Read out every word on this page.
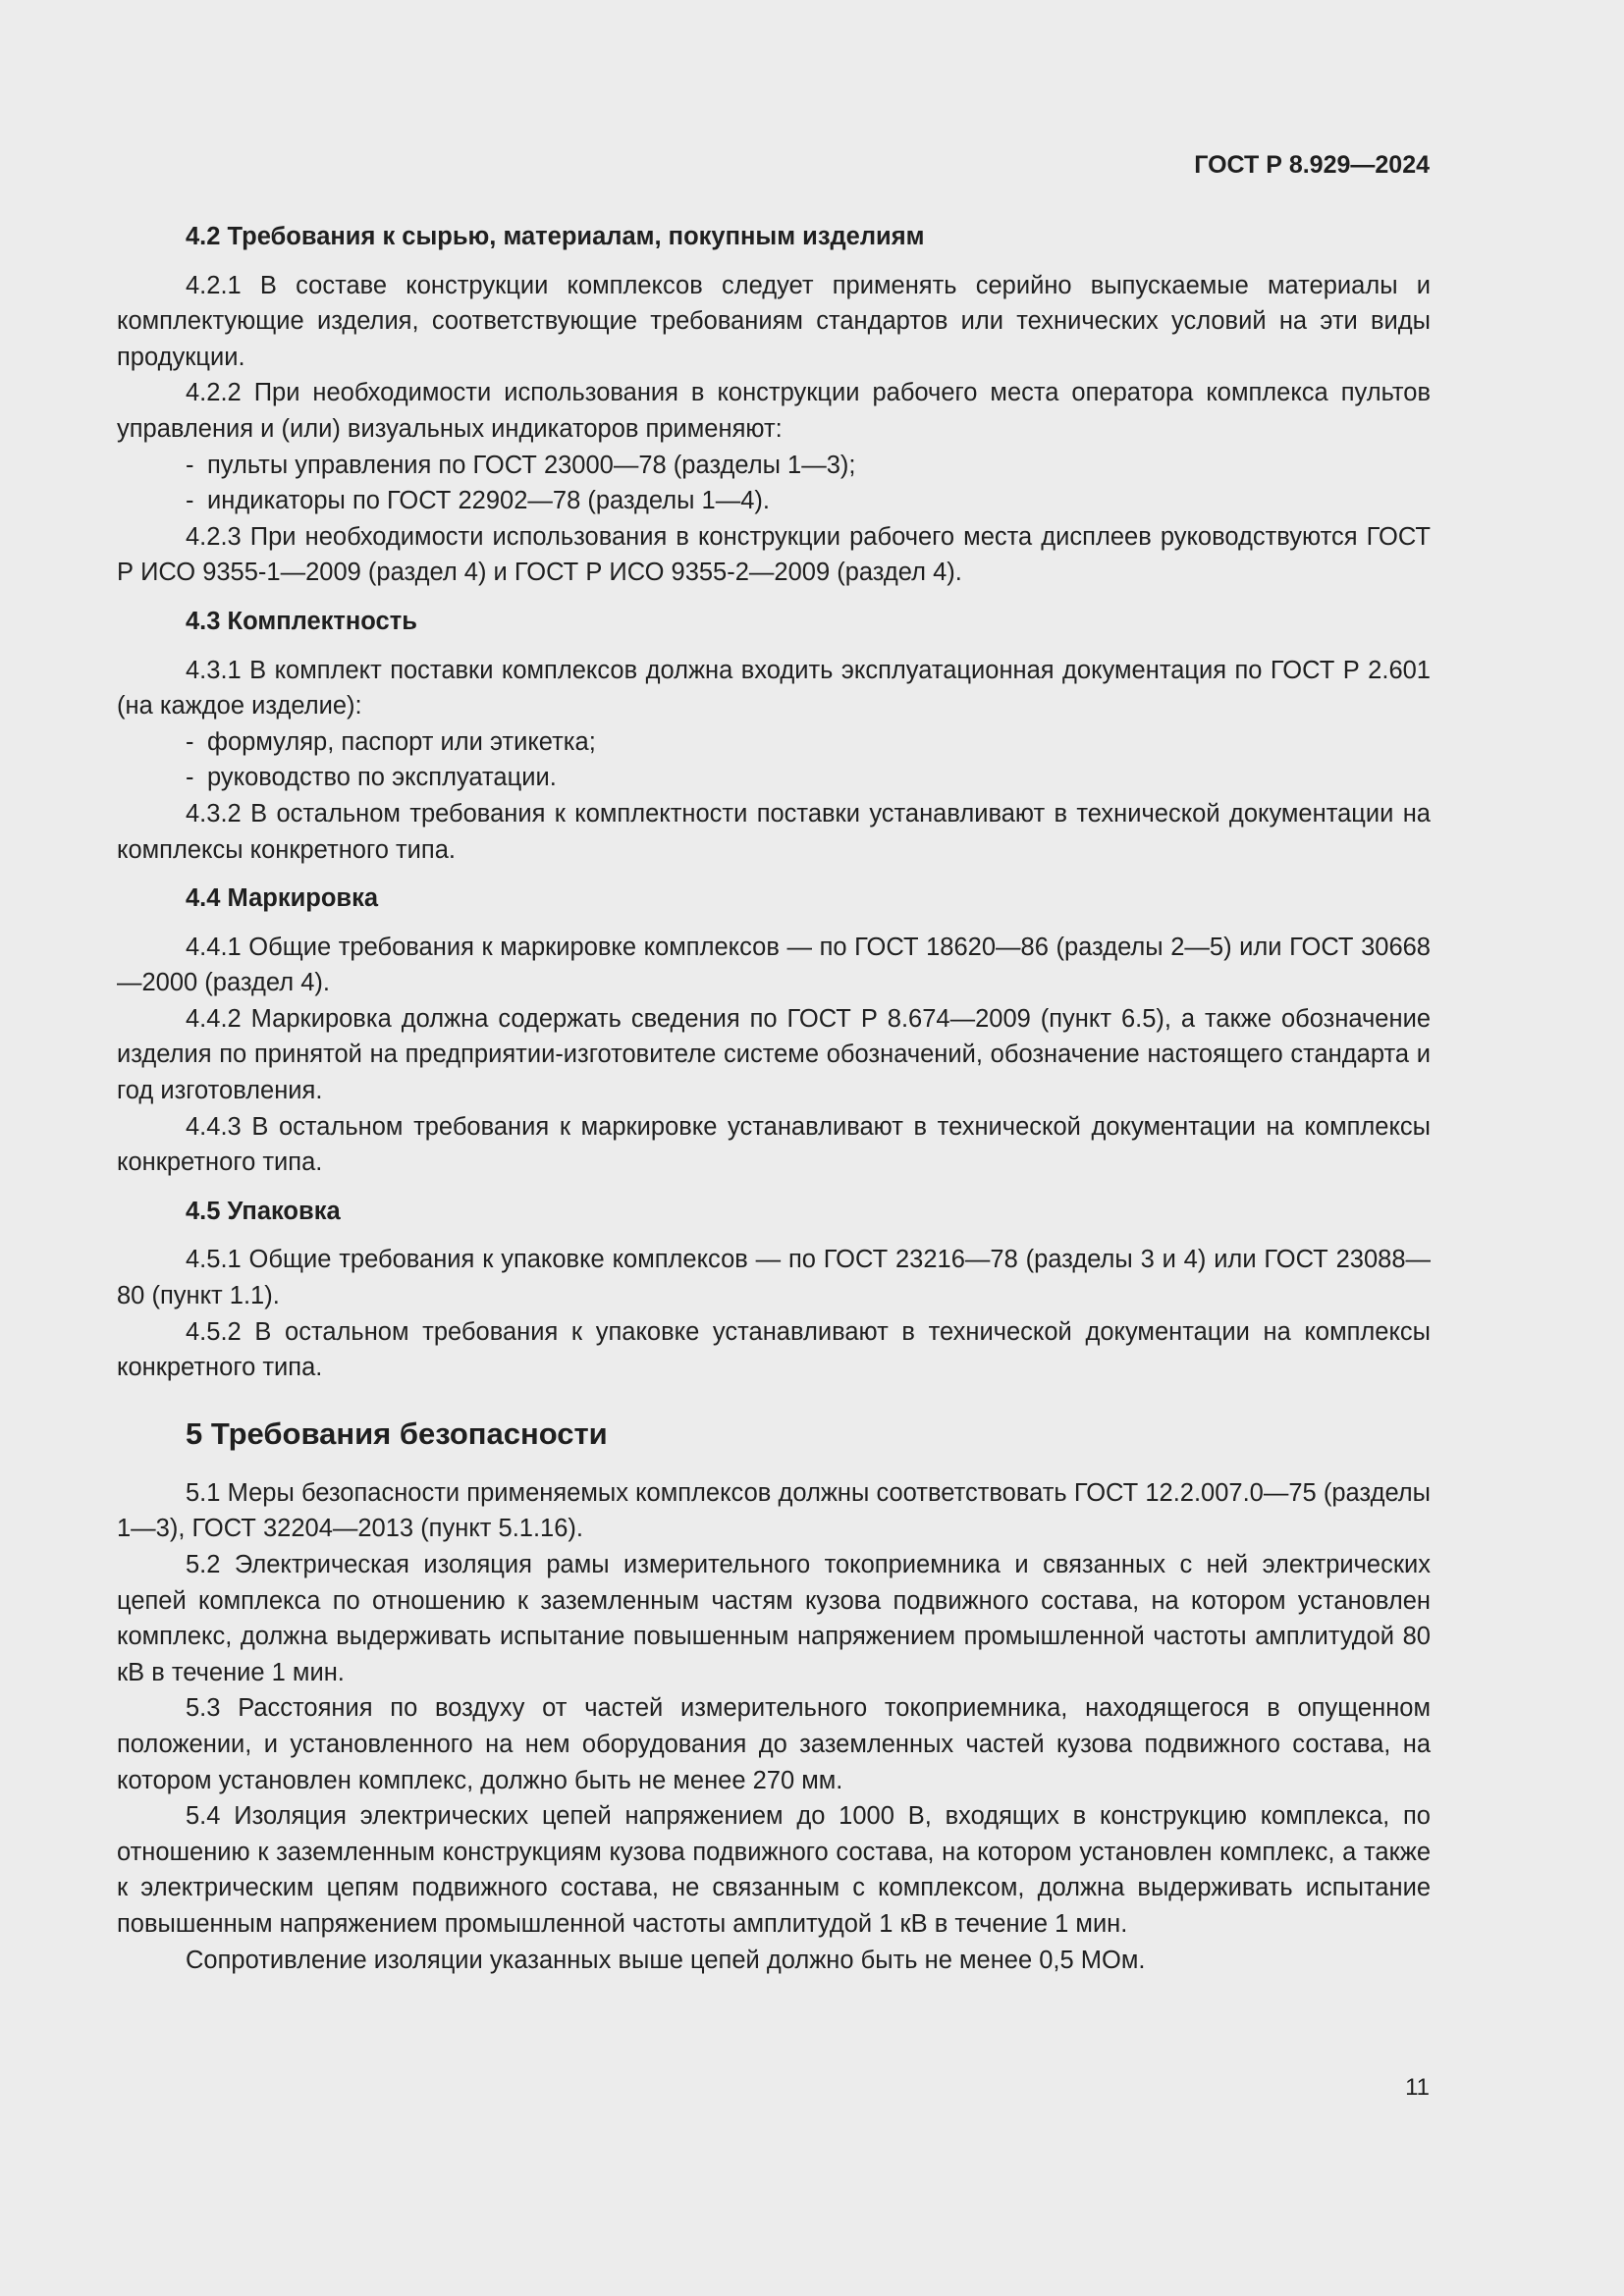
ГОСТ Р 8.929—2024

4.2 Требования к сырью, материалам, покупным изделиям

4.2.1 В составе конструкции комплексов следует применять серийно выпускаемые материалы и комплектующие изделия, соответствующие требованиям стандартов или технических условий на эти виды продукции.

4.2.2 При необходимости использования в конструкции рабочего места оператора комплекса пультов управления и (или) визуальных индикаторов применяют:

- пульты управления по ГОСТ 23000—78 (разделы 1—3);

- индикаторы по ГОСТ 22902—78 (разделы 1—4).

4.2.3 При необходимости использования в конструкции рабочего места дисплеев руководствуются ГОСТ Р ИСО 9355-1—2009 (раздел 4) и ГОСТ Р ИСО 9355-2—2009 (раздел 4).

4.3 Комплектность

4.3.1 В комплект поставки комплексов должна входить эксплуатационная документация по ГОСТ Р 2.601 (на каждое изделие):

- формуляр, паспорт или этикетка;

- руководство по эксплуатации.

4.3.2 В остальном требования к комплектности поставки устанавливают в технической документации на комплексы конкретного типа.

4.4 Маркировка

4.4.1 Общие требования к маркировке комплексов — по ГОСТ 18620—86 (разделы 2—5) или ГОСТ 30668—2000 (раздел 4).

4.4.2 Маркировка должна содержать сведения по ГОСТ Р 8.674—2009 (пункт 6.5), а также обозначение изделия по принятой на предприятии-изготовителе системе обозначений, обозначение настоящего стандарта и год изготовления.

4.4.3 В остальном требования к маркировке устанавливают в технической документации на комплексы конкретного типа.

4.5 Упаковка

4.5.1 Общие требования к упаковке комплексов — по ГОСТ 23216—78 (разделы 3 и 4) или ГОСТ 23088—80 (пункт 1.1).

4.5.2 В остальном требования к упаковке устанавливают в технической документации на комплексы конкретного типа.

5 Требования безопасности

5.1 Меры безопасности применяемых комплексов должны соответствовать ГОСТ 12.2.007.0—75 (разделы 1—3), ГОСТ 32204—2013 (пункт 5.1.16).

5.2 Электрическая изоляция рамы измерительного токоприемника и связанных с ней электрических цепей комплекса по отношению к заземленным частям кузова подвижного состава, на котором установлен комплекс, должна выдерживать испытание повышенным напряжением промышленной частоты амплитудой 80 кВ в течение 1 мин.

5.3 Расстояния по воздуху от частей измерительного токоприемника, находящегося в опущенном положении, и установленного на нем оборудования до заземленных частей кузова подвижного состава, на котором установлен комплекс, должно быть не менее 270 мм.

5.4 Изоляция электрических цепей напряжением до 1000 В, входящих в конструкцию комплекса, по отношению к заземленным конструкциям кузова подвижного состава, на котором установлен комплекс, а также к электрическим цепям подвижного состава, не связанным с комплексом, должна выдерживать испытание повышенным напряжением промышленной частоты амплитудой 1 кВ в течение 1 мин.

Сопротивление изоляции указанных выше цепей должно быть не менее 0,5 МОм.

11
